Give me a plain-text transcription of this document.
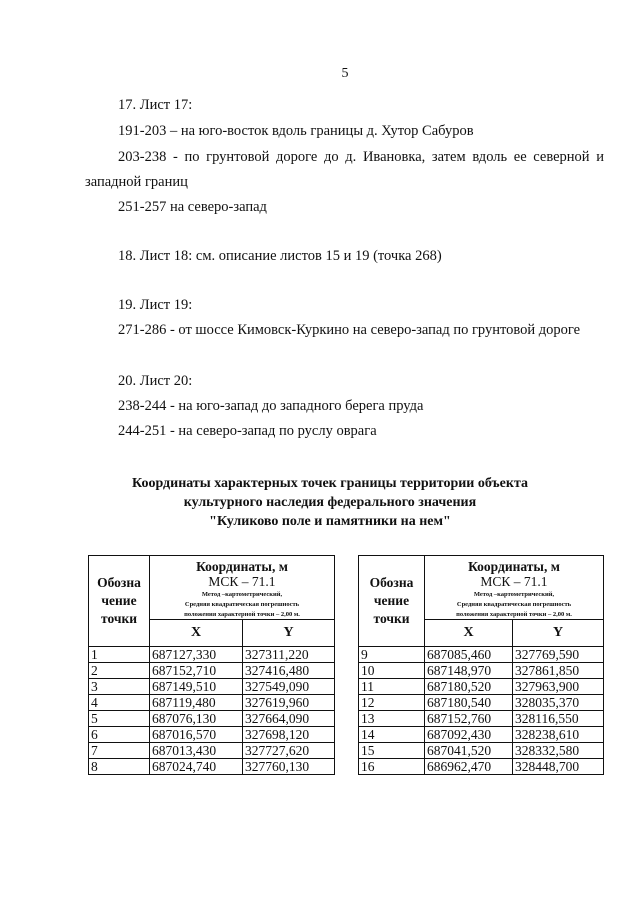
5
17. Лист 17:
191-203 – на юго-восток вдоль границы д. Хутор Сабуров
203-238 - по грунтовой дороге до д. Ивановка, затем вдоль ее северной и
западной границ
251-257 на северо-запад
18. Лист 18: см. описание листов 15 и 19 (точка 268)
19. Лист 19:
271-286 - от шоссе Кимовск-Куркино на северо-запад по грунтовой дороге
20. Лист 20:
238-244 - на юго-запад до западного берега пруда
244-251 - на северо-запад по руслу оврага
Координаты характерных точек границы территории объекта
культурного наследия федерального значения
"Куликово поле и памятники на нем"
Обозна чение точки	Координаты, м
МСК – 71.1
Метод –картометрический,
Средняя квадратическая погрешность
положения характерной точки – 2,00 м.	

	X	Y
1	687127,330	327311,220
2	687152,710	327416,480
3	687149,510	327549,090
4	687119,480	327619,960
5	687076,130	327664,090
6	687016,570	327698,120
7	687013,430	327727,620
8	687024,740	327760,130
Обозна чение точки	Координаты, м
МСК – 71.1
Метод –картометрический,
Средняя квадратическая погрешность
положения характерной точки – 2,00 м.	

	X	Y
9	687085,460	327769,590
10	687148,970	327861,850
11	687180,520	327963,900
12	687180,540	328035,370
13	687152,760	328116,550
14	687092,430	328238,610
15	687041,520	328332,580
16	686962,470	328448,700
